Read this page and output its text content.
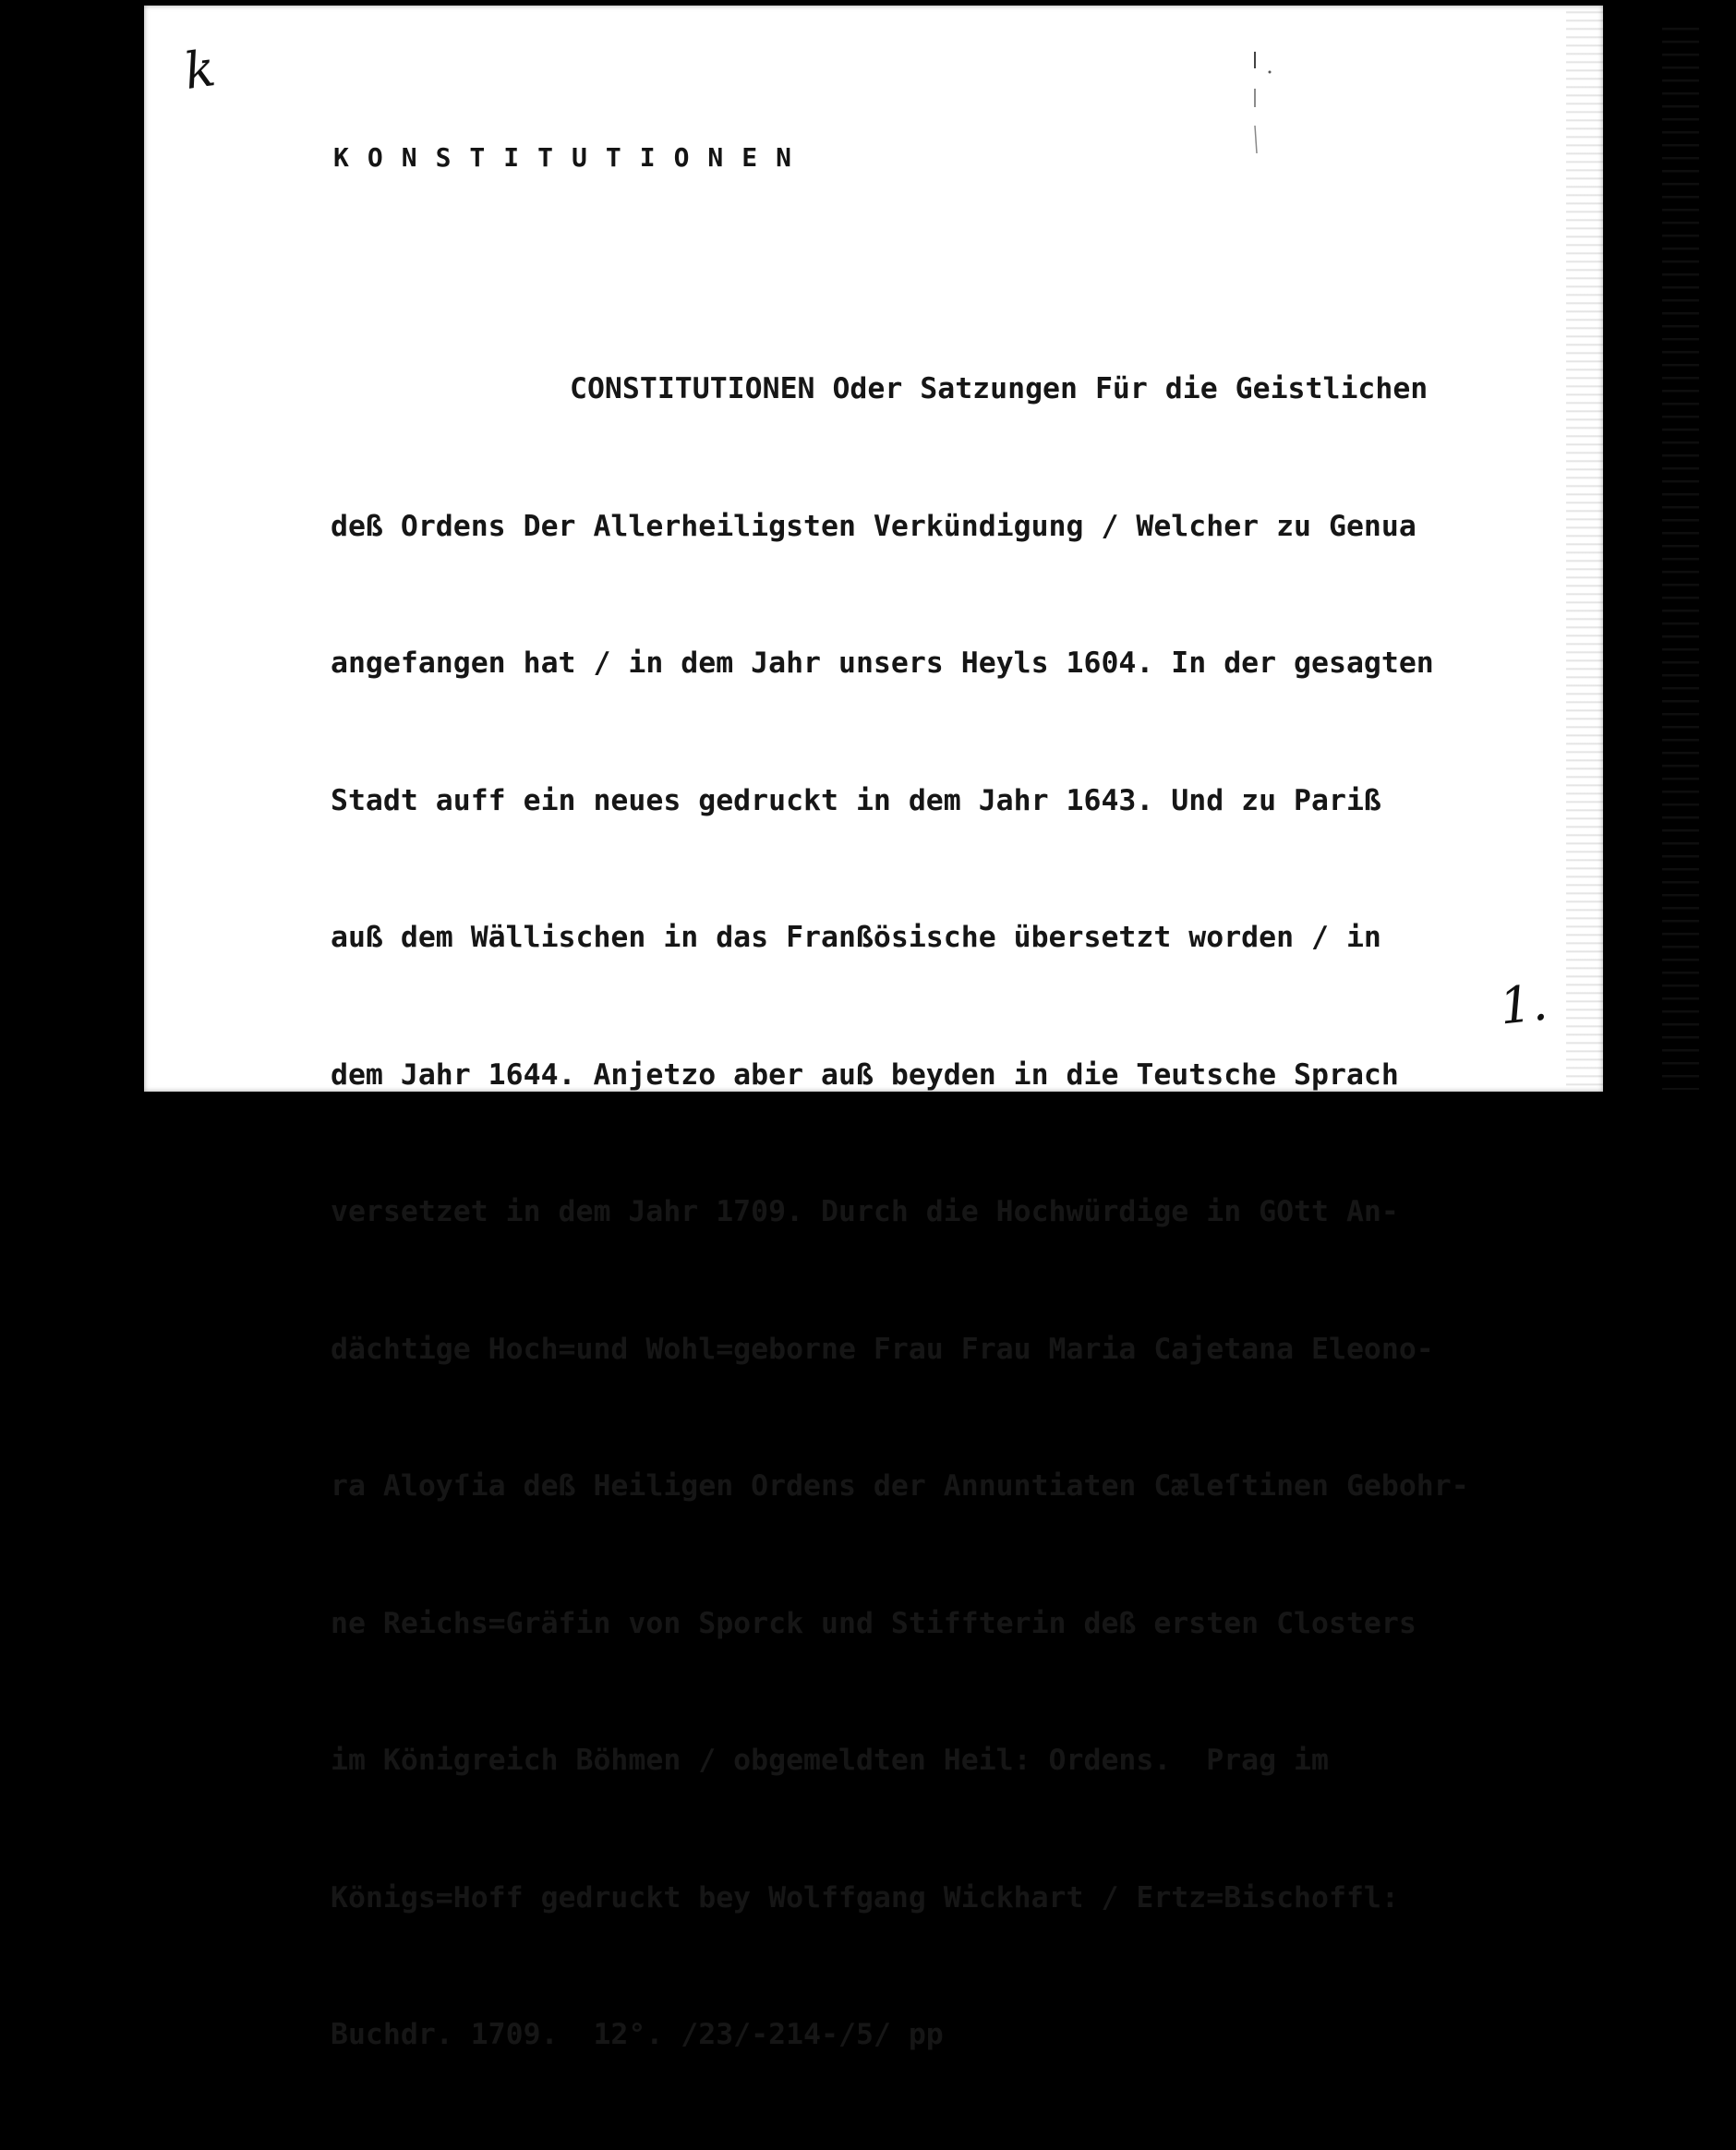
k
KONSTITUTIONEN

CONSTITUTIONEN Oder Satzungen Für die Geistlichen

deß Ordens Der Allerheiligsten Verkündigung / Welcher zu Genua

angefangen hat / in dem Jahr unsers Heyls 1604. In der gesagten

Stadt auff ein neues gedruckt in dem Jahr 1643. Und zu Pariß

auß dem Wällischen in das Franßösische übersetzt worden / in

dem Jahr 1644. Anjetzo aber auß beyden in die Teutsche Sprach

versetzet in dem Jahr 1709. Durch die Hochwürdige in GOtt An-

dächtige Hoch=und Wohl=geborne Frau Frau Maria Cajetana Eleono-

ra Aloyſia deß Heiligen Ordens der Annuntiaten Cæleſtinen Gebohr-

ne Reichs=Gräfin von Sporck und Stiffterin deß ersten Closters

im Königreich Böhmen / obgemeldten Heil: Ordens.  Prag im

Königs=Hoff gedruckt bey Wolffgang Wickhart / Ertz=Bischoffl:

Buchdr. 1709.  12°. /23/-214-/5/ pp

1.
